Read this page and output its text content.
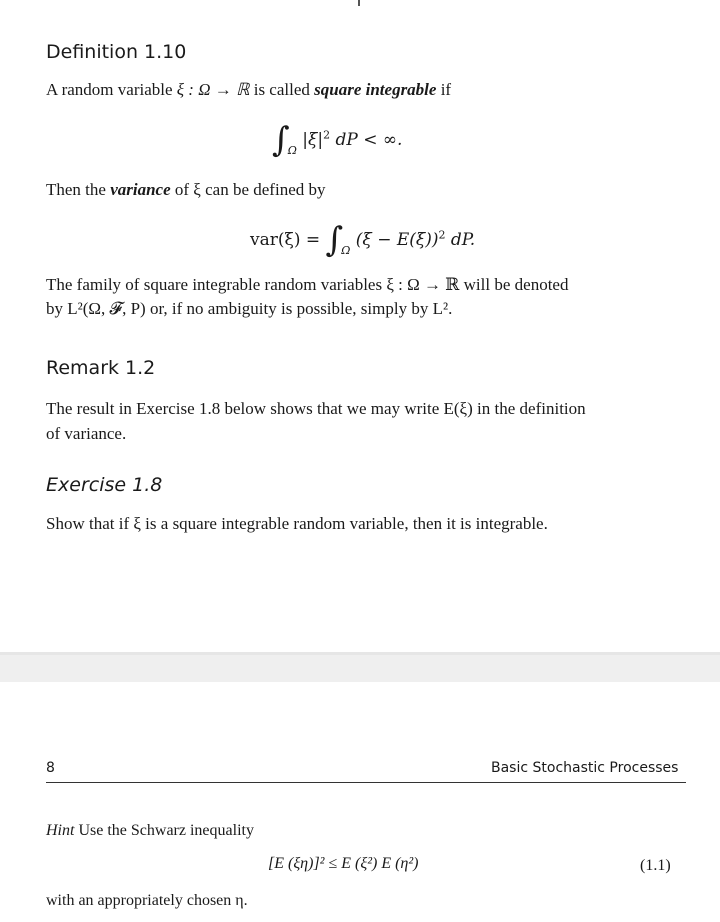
Definition 1.10
A random variable ξ : Ω → ℝ is called square integrable if
$\int_\Omega$ $|\xi|^2$ dP < ∞.
Then the variance of ξ can be defined by
$var(\xi) = \int_\Omega$ $(\xi - E(\xi))^2$ dP.
The family of square integrable random variables ξ : Ω → ℝ will be denoted
by L²(Ω, 𝓕, P) or, if no ambiguity is possible, simply by L².
Remark 1.2
The result in Exercise 1.8 below shows that we may write E(ξ) in the definition
of variance.
Exercise 1.8
Show that if ξ is a square integrable random variable, then it is integrable.
8	Basic Stochastic Processes
Hint Use the Schwarz inequality
[E (ξη)]² ≤ E (ξ²) E (η²)	(1.1)
with an appropriately chosen η.
